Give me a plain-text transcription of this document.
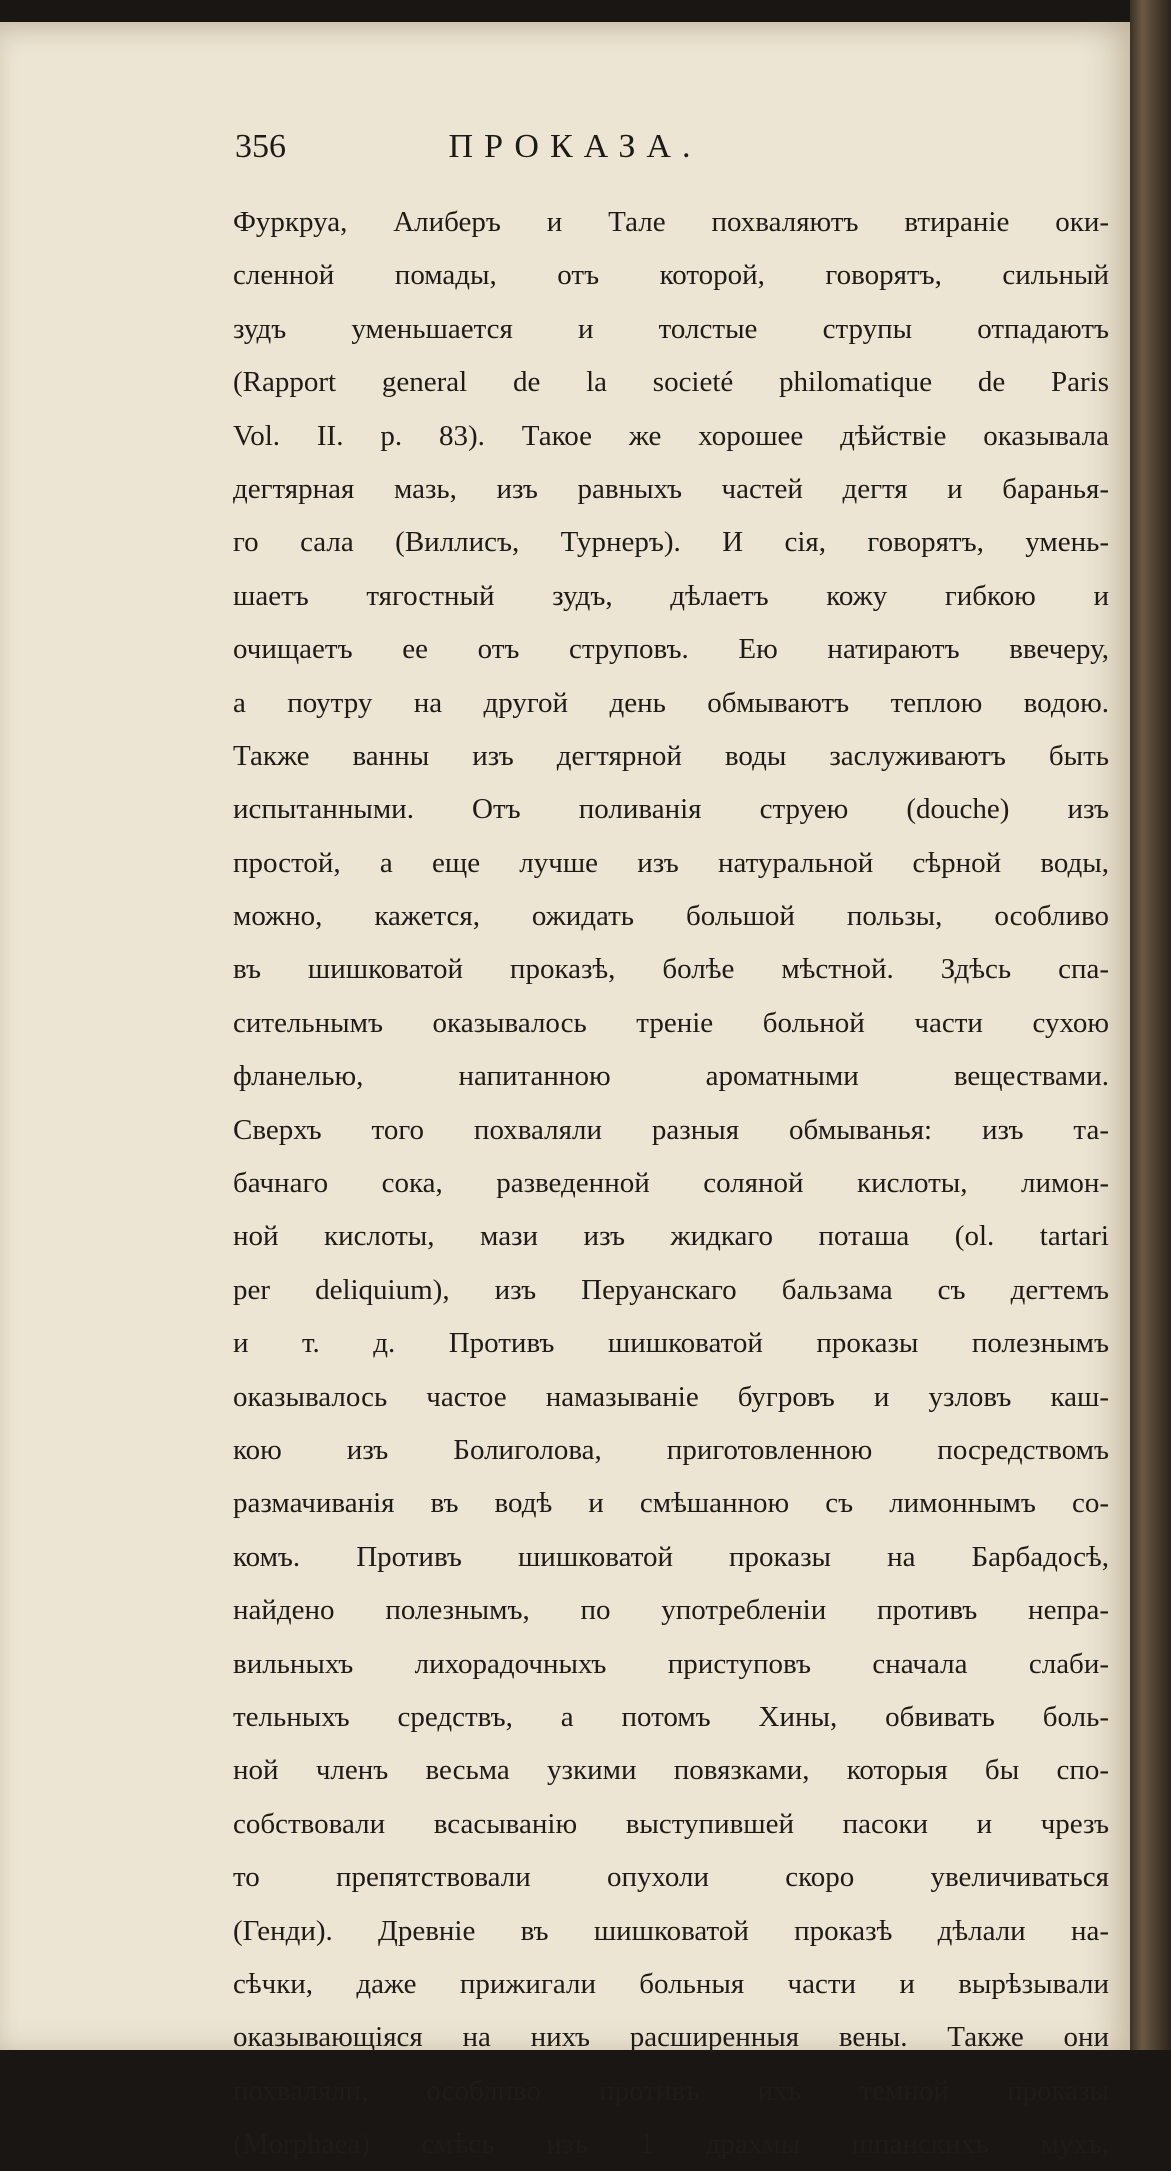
356	ПРОКАЗА.
Фуркруа, Алиберъ и Тале похваляютъ втиранiе оки-
сленной помады, отъ которой, говорятъ, сильный
зудъ уменьшается и толстые струпы отпадаютъ
(Rapport general de la societé philomatique de Paris
Vol. II. p. 83). Такое же хорошее дѣйствiе оказывала
дегтярная мазь, изъ равныхъ частей дегтя и баранья-
го сала (Виллисъ, Турнеръ). И сiя, говорятъ, умень-
шаетъ тягостный зудъ, дѣлаетъ кожу гибкою и
очищаетъ ее отъ струповъ. Ею натираютъ ввечеру,
а поутру на другой день обмываютъ теплою водою.
Также ванны изъ дегтярной воды заслуживаютъ быть
испытанными. Отъ поливанiя струею (douche) изъ
простой, а еще лучше изъ натуральной сѣрной воды,
можно, кажется, ожидать большой пользы, особливо
въ шишковатой проказѣ, болѣе мѣстной. Здѣсь спа-
сительнымъ оказывалось тренiе больной части сухою
фланелью, напитанною ароматными веществами.
Сверхъ того похваляли разныя обмыванья: изъ та-
бачнаго сока, разведенной соляной кислоты, лимон-
ной кислоты, мази изъ жидкаго поташа (ol. tartari
per deliquium), изъ Перуанскаго бальзама съ дегтемъ
и т. д. Противъ шишковатой проказы полезнымъ
оказывалось частое намазыванiе бугровъ и узловъ каш-
кою изъ Болиголова, приготовленною посредствомъ
размачиванiя въ водѣ и смѣшанною съ лимоннымъ со-
комъ. Противъ шишковатой проказы на Барбадосѣ,
найдено полезнымъ, по употребленiи противъ непра-
вильныхъ лихорадочныхъ приступовъ сначала слаби-
тельныхъ средствъ, а потомъ Хины, обвивать боль-
ной членъ весьма узкими повязками, которыя бы спо-
собствовали всасыванiю выступившей пасоки и чрезъ
то препятствовали опухоли скоро увеличиваться
(Генди). Древнiе въ шишковатой проказѣ дѣлали на-
сѣчки, даже прижигали больныя части и вырѣзывали
оказывающiяся на нихъ расширенныя вены. Также они
похваляли, особливо противъ ихъ темной проказы
(Morphaea) смѣсь изъ 1 драхмы шпанскихъ мухъ,
